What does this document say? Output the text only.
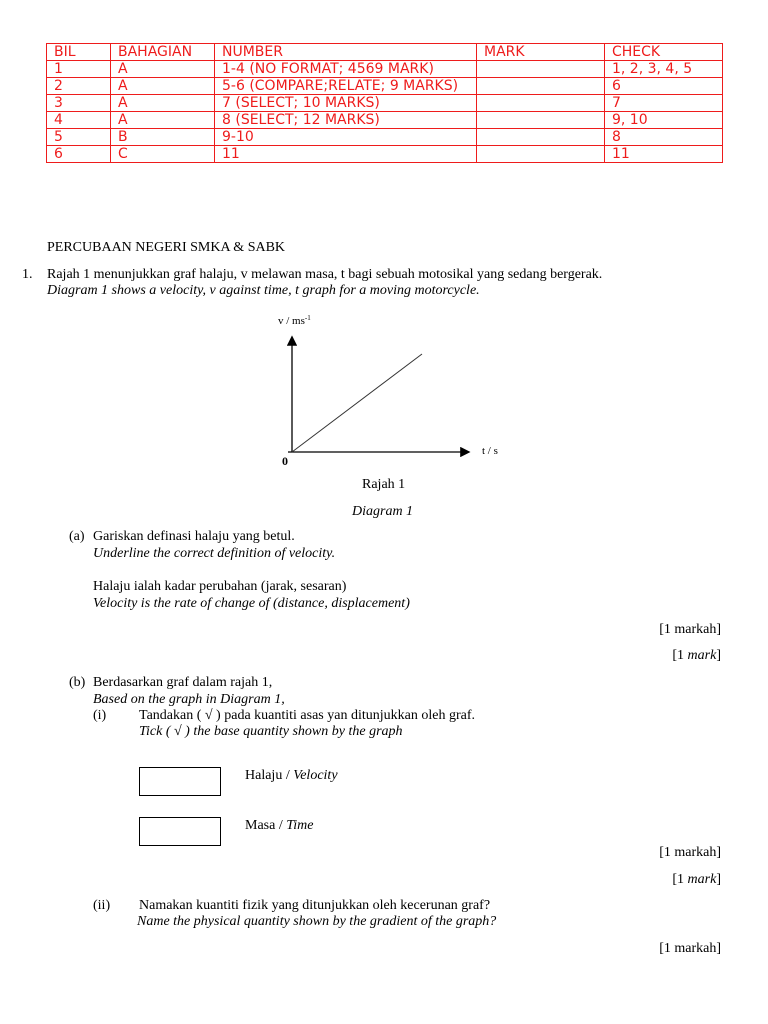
BIL	BAHAGIAN	NUMBER	MARK	CHECK
1	A	1-4 (NO FORMAT; 4569 MARK)		1, 2, 3, 4, 5
2	A	5-6 (COMPARE;RELATE; 9 MARKS)		6
3	A	7 (SELECT; 10 MARKS)		7
4	A	8 (SELECT; 12 MARKS)		9, 10
5	B	9-10		8
6	C	11		11
PERCUBAAN NEGERI SMKA & SABK
1. Rajah 1 menunjukkan graf halaju, v melawan masa, t bagi sebuah motosikal yang sedang bergerak.
Diagram 1 shows a velocity, v against time, t graph for a moving motorcycle.
v / $ms^{-1}$
t / s
0
Rajah 1
Diagram 1
(a) Gariskan definasi halaju yang betul.
Underline the correct definition of velocity.
Halaju ialah kadar perubahan (jarak, sesaran)
Velocity is the rate of change of (distance, displacement)
[1 markah]
[1 mark]
(b) Berdasarkan graf dalam rajah 1,
Based on the graph in Diagram 1,
(i) Tandakan ( √ ) pada kuantiti asas yan ditunjukkan oleh graf.
Tick ( √ ) the base quantity shown by the graph
Halaju / Velocity
Masa / Time
[1 markah]
[1 mark]
(ii) Namakan kuantiti fizik yang ditunjukkan oleh kecerunan graf?
Name the physical quantity shown by the gradient of the graph?
[1 markah]
